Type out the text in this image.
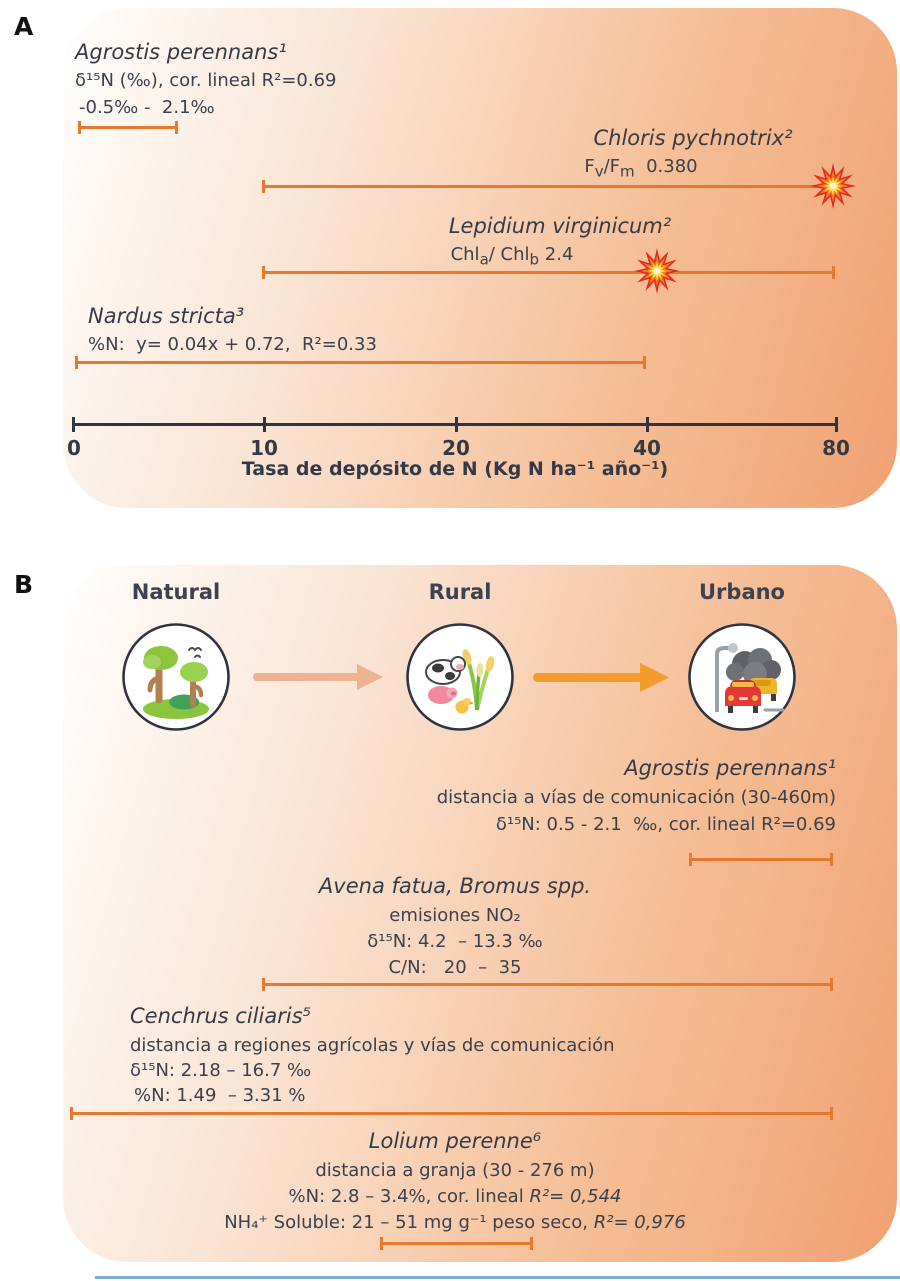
A
Agrostis perennans¹
δ¹⁵N (‰), cor. lineal R²=0.69
-0.5‰ -  2.1‰
Chloris pychnotrix²
$F_v/F_m$  0.380
Lepidium virginicum²
Chl$_a$/ Chl$_b$ 2.4
Nardus stricta³
%N:  y= 0.04x + 0.72,  R²=0.33
0	10	20	40	80
Tasa de depósito de N (Kg N ha⁻¹ año⁻¹)
B	Natural	Rural	Urbano
Agrostis perennans¹
distancia a vías de comunicación (30-460m)
δ¹⁵N: 0.5 - 2.1  ‰, cor. lineal R²=0.69
Avena fatua, Bromus spp.
emisiones NO₂
δ¹⁵N: 4.2  – 13.3 ‰
C/N:   20  –  35
Cenchrus ciliaris⁵
distancia a regiones agrícolas y vías de comunicación
δ¹⁵N: 2.18 – 16.7 ‰
%N: 1.49  – 3.31 %
Lolium perenne⁶
distancia a granja (30 - 276 m)
%N: 2.8 – 3.4%, cor. lineal R²= 0,544
NH₄⁺ Soluble: 21 – 51 mg g⁻¹ peso seco, R²= 0,976
